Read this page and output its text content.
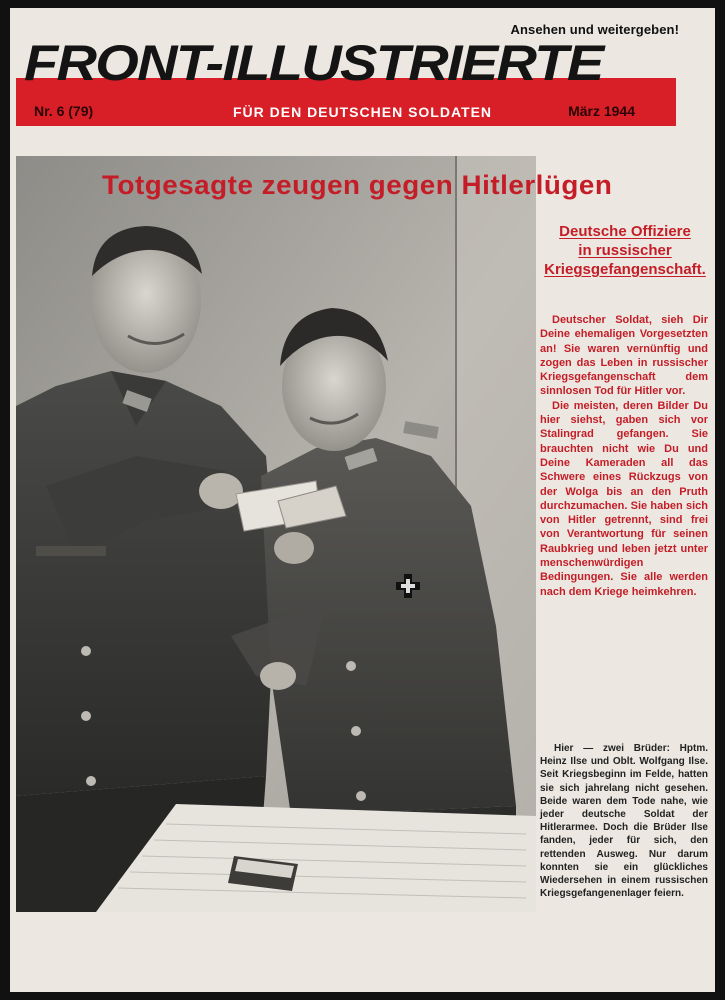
Ansehen und weitergeben!
FRONT-ILLUSTRIERTE
Nr. 6 (79)	FÜR DEN DEUTSCHEN SOLDATEN	März 1944
Totgesagte zeugen gegen Hitlerlügen
Deutsche Offiziere
in russischer
Kriegsgefangenschaft.

Deutscher Soldat, sieh Dir Deine ehemaligen Vorgesetzten an! Sie waren vernünftig und zogen das Leben in russischer Kriegsgefangenschaft dem sinnlosen Tod für Hitler vor.

Die meisten, deren Bilder Du hier siehst, gaben sich vor Stalingrad gefangen. Sie brauchten nicht wie Du und Deine Kameraden all das Schwere eines Rückzugs von der Wolga bis an den Pruth durchzumachen. Sie haben sich von Hitler getrennt, sind frei von Verantwortung für seinen Raubkrieg und leben jetzt unter menschenwürdigen Bedingungen. Sie alle werden nach dem Kriege heimkehren.

Hier — zwei Brüder: Hptm. Heinz Ilse und Oblt. Wolfgang Ilse. Seit Kriegsbeginn im Felde, hatten sie sich jahrelang nicht gesehen. Beide waren dem Tode nahe, wie jeder deutsche Soldat der Hitlerarmee. Doch die Brüder Ilse fanden, jeder für sich, den rettenden Ausweg. Nur darum konnten sie ein glückliches Wiedersehen in einem russischen Kriegsgefangenenlager feiern.
